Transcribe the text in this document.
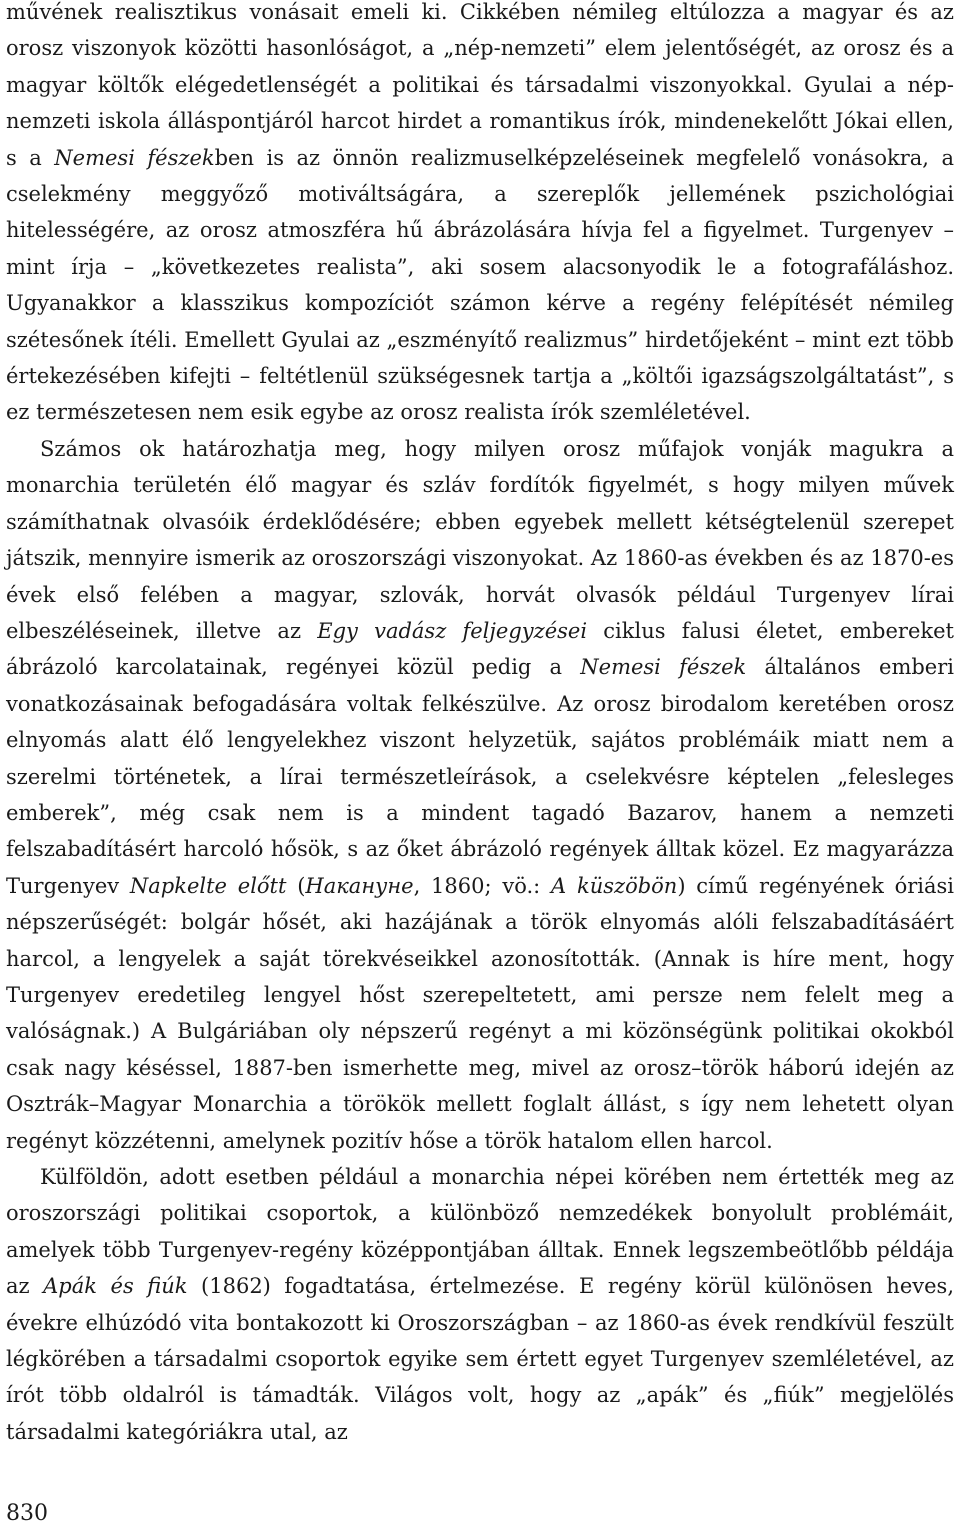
művének realisztikus vonásait emeli ki. Cikkében némileg eltúlozza a magyar és az orosz viszonyok közötti hasonlóságot, a „nép-nemzeti” elem jelentőségét, az orosz és a magyar költők elégedetlenségét a politikai és társadalmi viszonyokkal. Gyulai a nép-nemzeti iskola álláspontjáról harcot hirdet a romantikus írók, mindenekelőtt Jókai ellen, s a Nemesi fészekben is az önnön realizmuselképzeléseinek megfelelő vonásokra, a cselekmény meggyőző motiváltságára, a szereplők jellemének pszichológiai hitelességére, az orosz atmoszféra hű ábrázolására hívja fel a figyelmet. Turgenyev – mint írja – „következetes realista”, aki sosem alacsonyodik le a fotografáláshoz. Ugyanakkor a klasszikus kompozíciót számon kérve a regény felépítését némileg szétesőnek ítéli. Emellett Gyulai az „eszményítő realizmus” hirdetőjeként – mint ezt több értekezésében kifejti – feltétlenül szükségesnek tartja a „költői igazságszolgáltatást”, s ez természetesen nem esik egybe az orosz realista írók szemléletével.

Számos ok határozhatja meg, hogy milyen orosz műfajok vonják magukra a monarchia területén élő magyar és szláv fordítók figyelmét, s hogy milyen művek számíthatnak olvasóik érdeklődésére; ebben egyebek mellett kétségtelenül szerepet játszik, mennyire ismerik az oroszországi viszonyokat. Az 1860-as években és az 1870-es évek első felében a magyar, szlovák, horvát olvasók például Turgenyev lírai elbeszéléseinek, illetve az Egy vadász feljegyzései ciklus falusi életet, embereket ábrázoló karcolatainak, regényei közül pedig a Nemesi fészek általános emberi vonatkozásainak befogadására voltak felkészülve. Az orosz birodalom keretében orosz elnyomás alatt élő lengyelekhez viszont helyzetük, sajátos problémáik miatt nem a szerelmi történetek, a lírai természetleírások, a cselekvésre képtelen „felesleges emberek”, még csak nem is a mindent tagadó Bazarov, hanem a nemzeti felszabadításért harcoló hősök, s az őket ábrázoló regények álltak közel. Ez magyarázza Turgenyev Napkelte előtt (Накануне, 1860; vö.: A küszöbön) című regényének óriási népszerűségét: bolgár hősét, aki hazájának a török elnyomás alóli felszabadításáért harcol, a lengyelek a saját törekvéseikkel azonosították. (Annak is híre ment, hogy Turgenyev eredetileg lengyel hőst szerepeltetett, ami persze nem felelt meg a valóságnak.) A Bulgáriában oly népszerű regényt a mi közönségünk politikai okokból csak nagy késéssel, 1887-ben ismerhette meg, mivel az orosz–török háború idején az Osztrák–Magyar Monarchia a törökök mellett foglalt állást, s így nem lehetett olyan regényt közzétenni, amelynek pozitív hőse a török hatalom ellen harcol.

Külföldön, adott esetben például a monarchia népei körében nem értették meg az oroszországi politikai csoportok, a különböző nemzedékek bonyolult problémáit, amelyek több Turgenyev-regény középpontjában álltak. Ennek legszembeötlőbb példája az Apák és fiúk (1862) fogadtatása, értelmezése. E regény körül különösen heves, évekre elhúzódó vita bontakozott ki Oroszországban – az 1860-as évek rendkívül feszült légkörében a társadalmi csoportok egyike sem értett egyet Turgenyev szemléletével, az írót több oldalról is támadták. Világos volt, hogy az „apák” és „fiúk” megjelölés társadalmi kategóriákra utal, az

830
